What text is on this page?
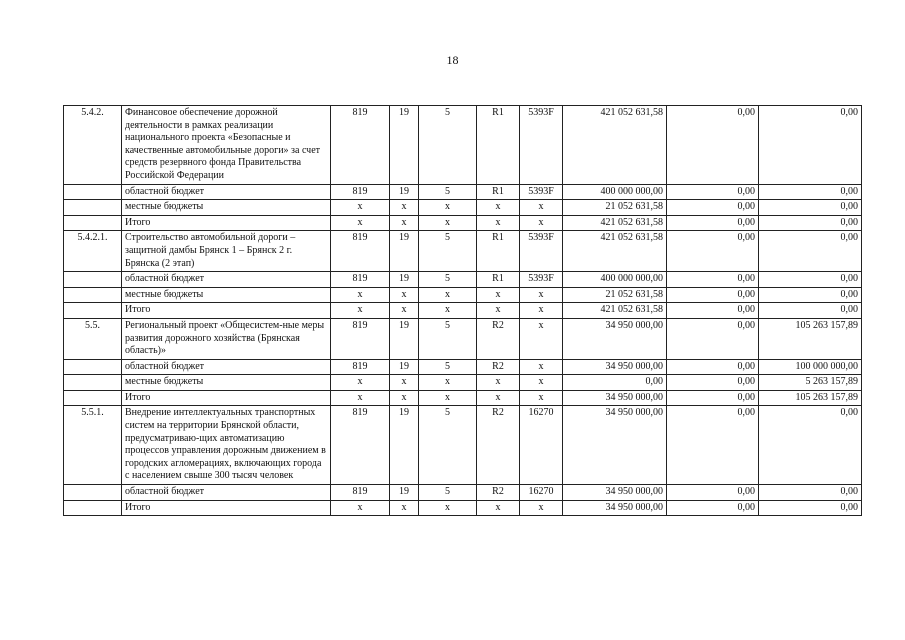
18
5.4.2.	Финансовое обеспечение дорожной деятельности в рамках реализации национального проекта «Безопасные и качественные автомобильные дороги» за счет средств резервного фонда Правительства Российской Федерации	819	19	5	R1	5393F	421 052 631,58	0,00	0,00
	областной бюджет	819	19	5	R1	5393F	400 000 000,00	0,00	0,00
	местные бюджеты	х	х	х	х	х	21 052 631,58	0,00	0,00
	Итого	х	х	х	х	х	421 052 631,58	0,00	0,00
5.4.2.1.	Строительство автомобильной дороги – защитной дамбы Брянск 1 – Брянск 2 г. Брянска (2 этап)	819	19	5	R1	5393F	421 052 631,58	0,00	0,00
	областной бюджет	819	19	5	R1	5393F	400 000 000,00	0,00	0,00
	местные бюджеты	х	х	х	х	х	21 052 631,58	0,00	0,00
	Итого	х	х	х	х	х	421 052 631,58	0,00	0,00
5.5.	Региональный проект «Общесистем-ные меры развития дорожного хозяйства (Брянская область)»	819	19	5	R2	х	34 950 000,00	0,00	105 263 157,89
	областной бюджет	819	19	5	R2	х	34 950 000,00	0,00	100 000 000,00
	местные бюджеты	х	х	х	х	х	0,00	0,00	5 263 157,89
	Итого	х	х	х	х	х	34 950 000,00	0,00	105 263 157,89
5.5.1.	Внедрение интеллектуальных транспортных систем на территории Брянской области, предусматриваю-щих автоматизацию процессов управления дорожным движением в городских агломерациях, включающих города с населением свыше 300 тысяч человек	819	19	5	R2	16270	34 950 000,00	0,00	0,00
	областной бюджет	819	19	5	R2	16270	34 950 000,00	0,00	0,00
	Итого	х	х	х	х	х	34 950 000,00	0,00	0,00
